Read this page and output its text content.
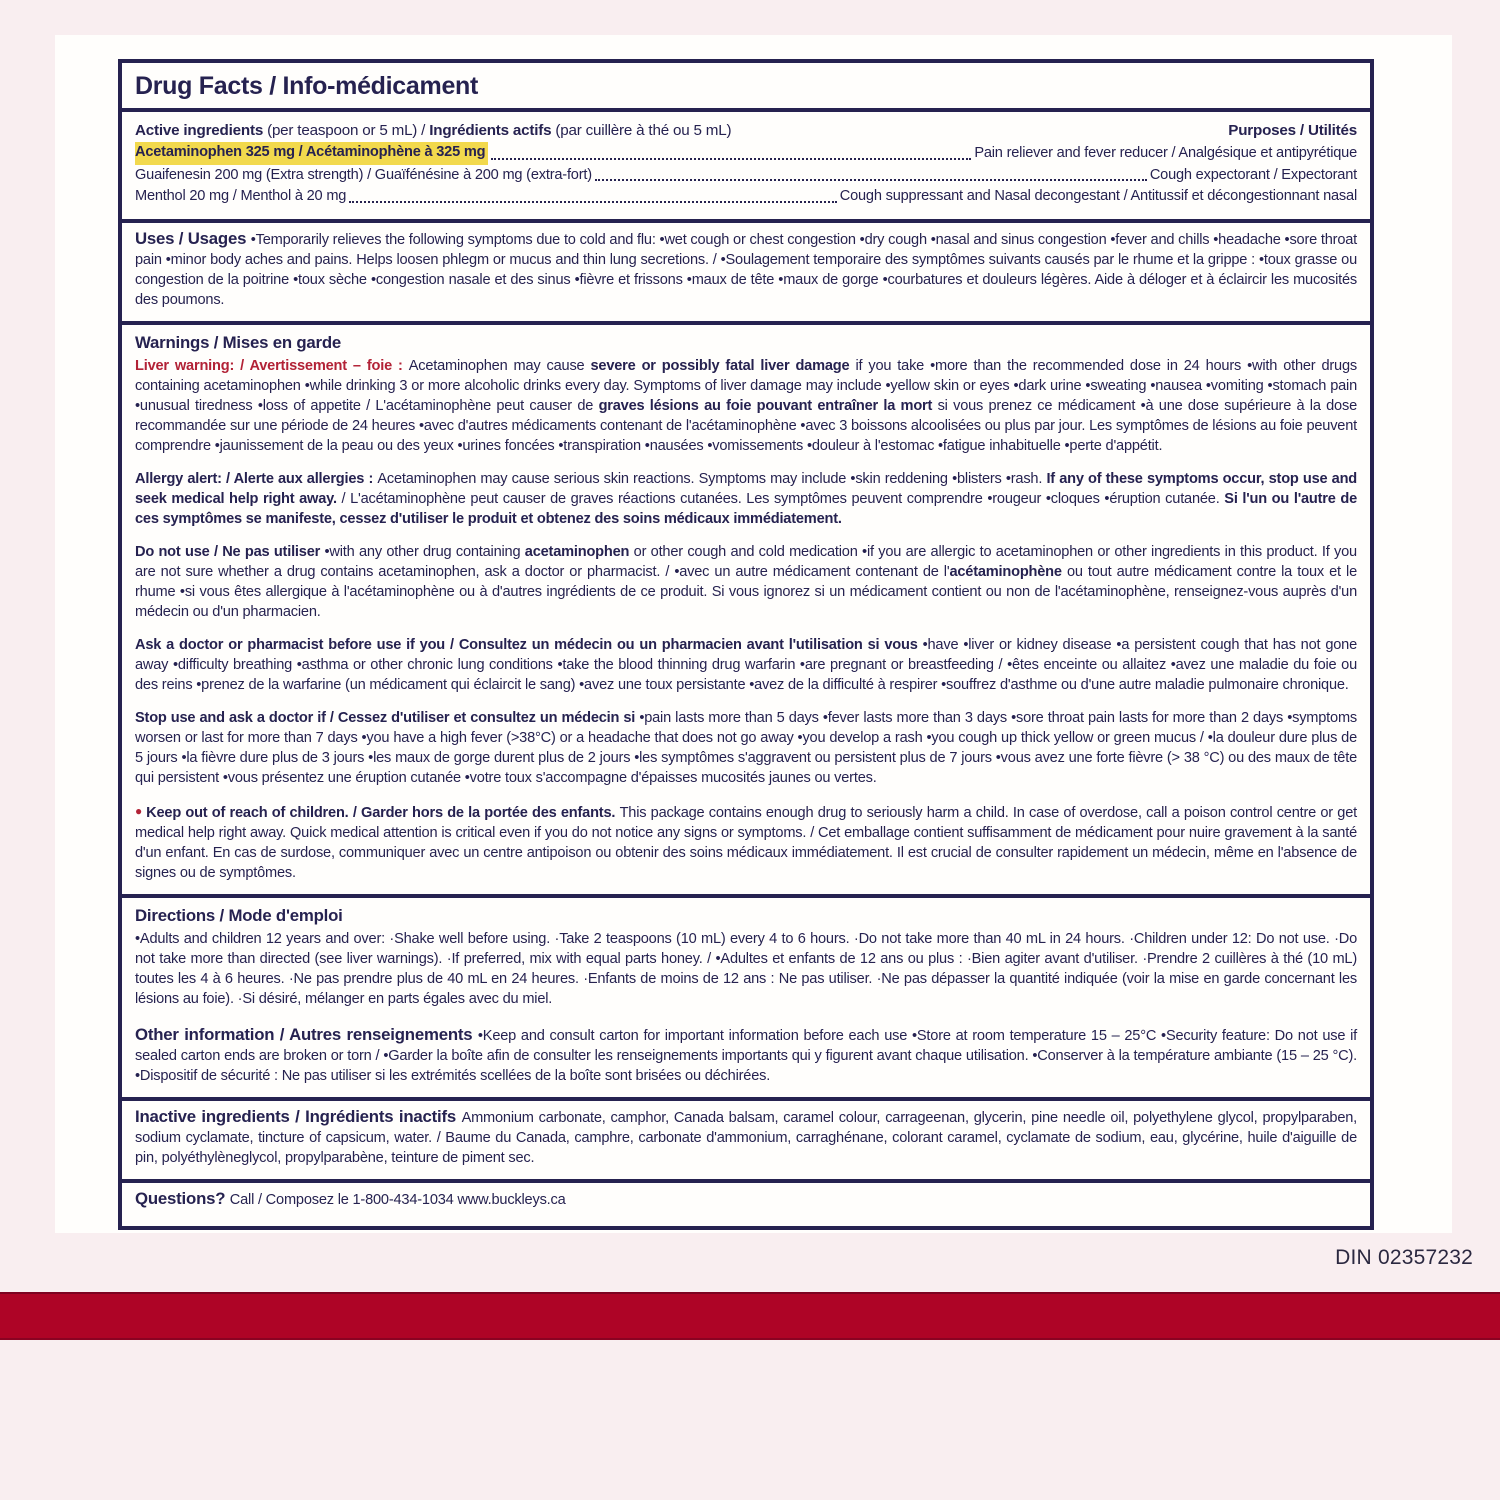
Drug Facts / Info-médicament
Active ingredients (per teaspoon or 5 mL) / Ingrédients actifs (par cuillère à thé ou 5 mL)	Purposes / Utilités
Acetaminophen 325 mg / Acétaminophène à 325 mg	Pain reliever and fever reducer / Analgésique et antipyrétique
Guaifenesin 200 mg (Extra strength) / Guaïfénésine à 200 mg (extra-fort)	Cough expectorant / Expectorant
Menthol 20 mg / Menthol à 20 mg	Cough suppressant and Nasal decongestant / Antitussif et décongestionnant nasal

Uses / Usages •Temporarily relieves the following symptoms due to cold and flu: •wet cough or chest congestion •dry cough •nasal and sinus congestion •fever and chills •headache •sore throat pain •minor body aches and pains. Helps loosen phlegm or mucus and thin lung secretions. / •Soulagement temporaire des symptômes suivants causés par le rhume et la grippe : •toux grasse ou congestion de la poitrine •toux sèche •congestion nasale et des sinus •fièvre et frissons •maux de tête •maux de gorge •courbatures et douleurs légères. Aide à déloger et à éclaircir les mucosités des poumons.

Warnings / Mises en garde

Liver warning: / Avertissement – foie : Acetaminophen may cause severe or possibly fatal liver damage if you take •more than the recommended dose in 24 hours •with other drugs containing acetaminophen •while drinking 3 or more alcoholic drinks every day. Symptoms of liver damage may include •yellow skin or eyes •dark urine •sweating •nausea •vomiting •stomach pain •unusual tiredness •loss of appetite / L'acétaminophène peut causer de graves lésions au foie pouvant entraîner la mort si vous prenez ce médicament •à une dose supérieure à la dose recommandée sur une période de 24 heures •avec d'autres médicaments contenant de l'acétaminophène •avec 3 boissons alcoolisées ou plus par jour. Les symptômes de lésions au foie peuvent comprendre •jaunissement de la peau ou des yeux •urines foncées •transpiration •nausées •vomissements •douleur à l'estomac •fatigue inhabituelle •perte d'appétit.

Allergy alert: / Alerte aux allergies : Acetaminophen may cause serious skin reactions. Symptoms may include •skin reddening •blisters •rash. If any of these symptoms occur, stop use and seek medical help right away. / L'acétaminophène peut causer de graves réactions cutanées. Les symptômes peuvent comprendre •rougeur •cloques •éruption cutanée. Si l'un ou l'autre de ces symptômes se manifeste, cessez d'utiliser le produit et obtenez des soins médicaux immédiatement.

Do not use / Ne pas utiliser •with any other drug containing acetaminophen or other cough and cold medication •if you are allergic to acetaminophen or other ingredients in this product. If you are not sure whether a drug contains acetaminophen, ask a doctor or pharmacist. / •avec un autre médicament contenant de l'acétaminophène ou tout autre médicament contre la toux et le rhume •si vous êtes allergique à l'acétaminophène ou à d'autres ingrédients de ce produit. Si vous ignorez si un médicament contient ou non de l'acétaminophène, renseignez-vous auprès d'un médecin ou d'un pharmacien.

Ask a doctor or pharmacist before use if you / Consultez un médecin ou un pharmacien avant l'utilisation si vous •have •liver or kidney disease •a persistent cough that has not gone away •difficulty breathing •asthma or other chronic lung conditions •take the blood thinning drug warfarin •are pregnant or breastfeeding / •êtes enceinte ou allaitez •avez une maladie du foie ou des reins •prenez de la warfarine (un médicament qui éclaircit le sang) •avez une toux persistante •avez de la difficulté à respirer •souffrez d'asthme ou d'une autre maladie pulmonaire chronique.

Stop use and ask a doctor if / Cessez d'utiliser et consultez un médecin si •pain lasts more than 5 days •fever lasts more than 3 days •sore throat pain lasts for more than 2 days •symptoms worsen or last for more than 7 days •you have a high fever (>38°C) or a headache that does not go away •you develop a rash •you cough up thick yellow or green mucus / •la douleur dure plus de 5 jours •la fièvre dure plus de 3 jours •les maux de gorge durent plus de 2 jours •les symptômes s'aggravent ou persistent plus de 7 jours •vous avez une forte fièvre (> 38 °C) ou des maux de tête qui persistent •vous présentez une éruption cutanée •votre toux s'accompagne d'épaisses mucosités jaunes ou vertes.

● Keep out of reach of children. / Garder hors de la portée des enfants. This package contains enough drug to seriously harm a child. In case of overdose, call a poison control centre or get medical help right away. Quick medical attention is critical even if you do not notice any signs or symptoms. / Cet emballage contient suffisamment de médicament pour nuire gravement à la santé d'un enfant. En cas de surdose, communiquer avec un centre antipoison ou obtenir des soins médicaux immédiatement. Il est crucial de consulter rapidement un médecin, même en l'absence de signes ou de symptômes.

Directions / Mode d'emploi

•Adults and children 12 years and over: ·Shake well before using. ·Take 2 teaspoons (10 mL) every 4 to 6 hours. ·Do not take more than 40 mL in 24 hours. ·Children under 12: Do not use. ·Do not take more than directed (see liver warnings). ·If preferred, mix with equal parts honey. / •Adultes et enfants de 12 ans ou plus : ·Bien agiter avant d'utiliser. ·Prendre 2 cuillères à thé (10 mL) toutes les 4 à 6 heures. ·Ne pas prendre plus de 40 mL en 24 heures. ·Enfants de moins de 12 ans : Ne pas utiliser. ·Ne pas dépasser la quantité indiquée (voir la mise en garde concernant les lésions au foie). ·Si désiré, mélanger en parts égales avec du miel.

Other information / Autres renseignements •Keep and consult carton for important information before each use •Store at room temperature 15 – 25°C •Security feature: Do not use if sealed carton ends are broken or torn / •Garder la boîte afin de consulter les renseignements importants qui y figurent avant chaque utilisation. •Conserver à la température ambiante (15 – 25 °C). •Dispositif de sécurité : Ne pas utiliser si les extrémités scellées de la boîte sont brisées ou déchirées.

Inactive ingredients / Ingrédients inactifs Ammonium carbonate, camphor, Canada balsam, caramel colour, carrageenan, glycerin, pine needle oil, polyethylene glycol, propylparaben, sodium cyclamate, tincture of capsicum, water. / Baume du Canada, camphre, carbonate d'ammonium, carraghénane, colorant caramel, cyclamate de sodium, eau, glycérine, huile d'aiguille de pin, polyéthylèneglycol, propylparabène, teinture de piment sec.

Questions? Call / Composez le 1-800-434-1034 www.buckleys.ca

DIN 02357232
